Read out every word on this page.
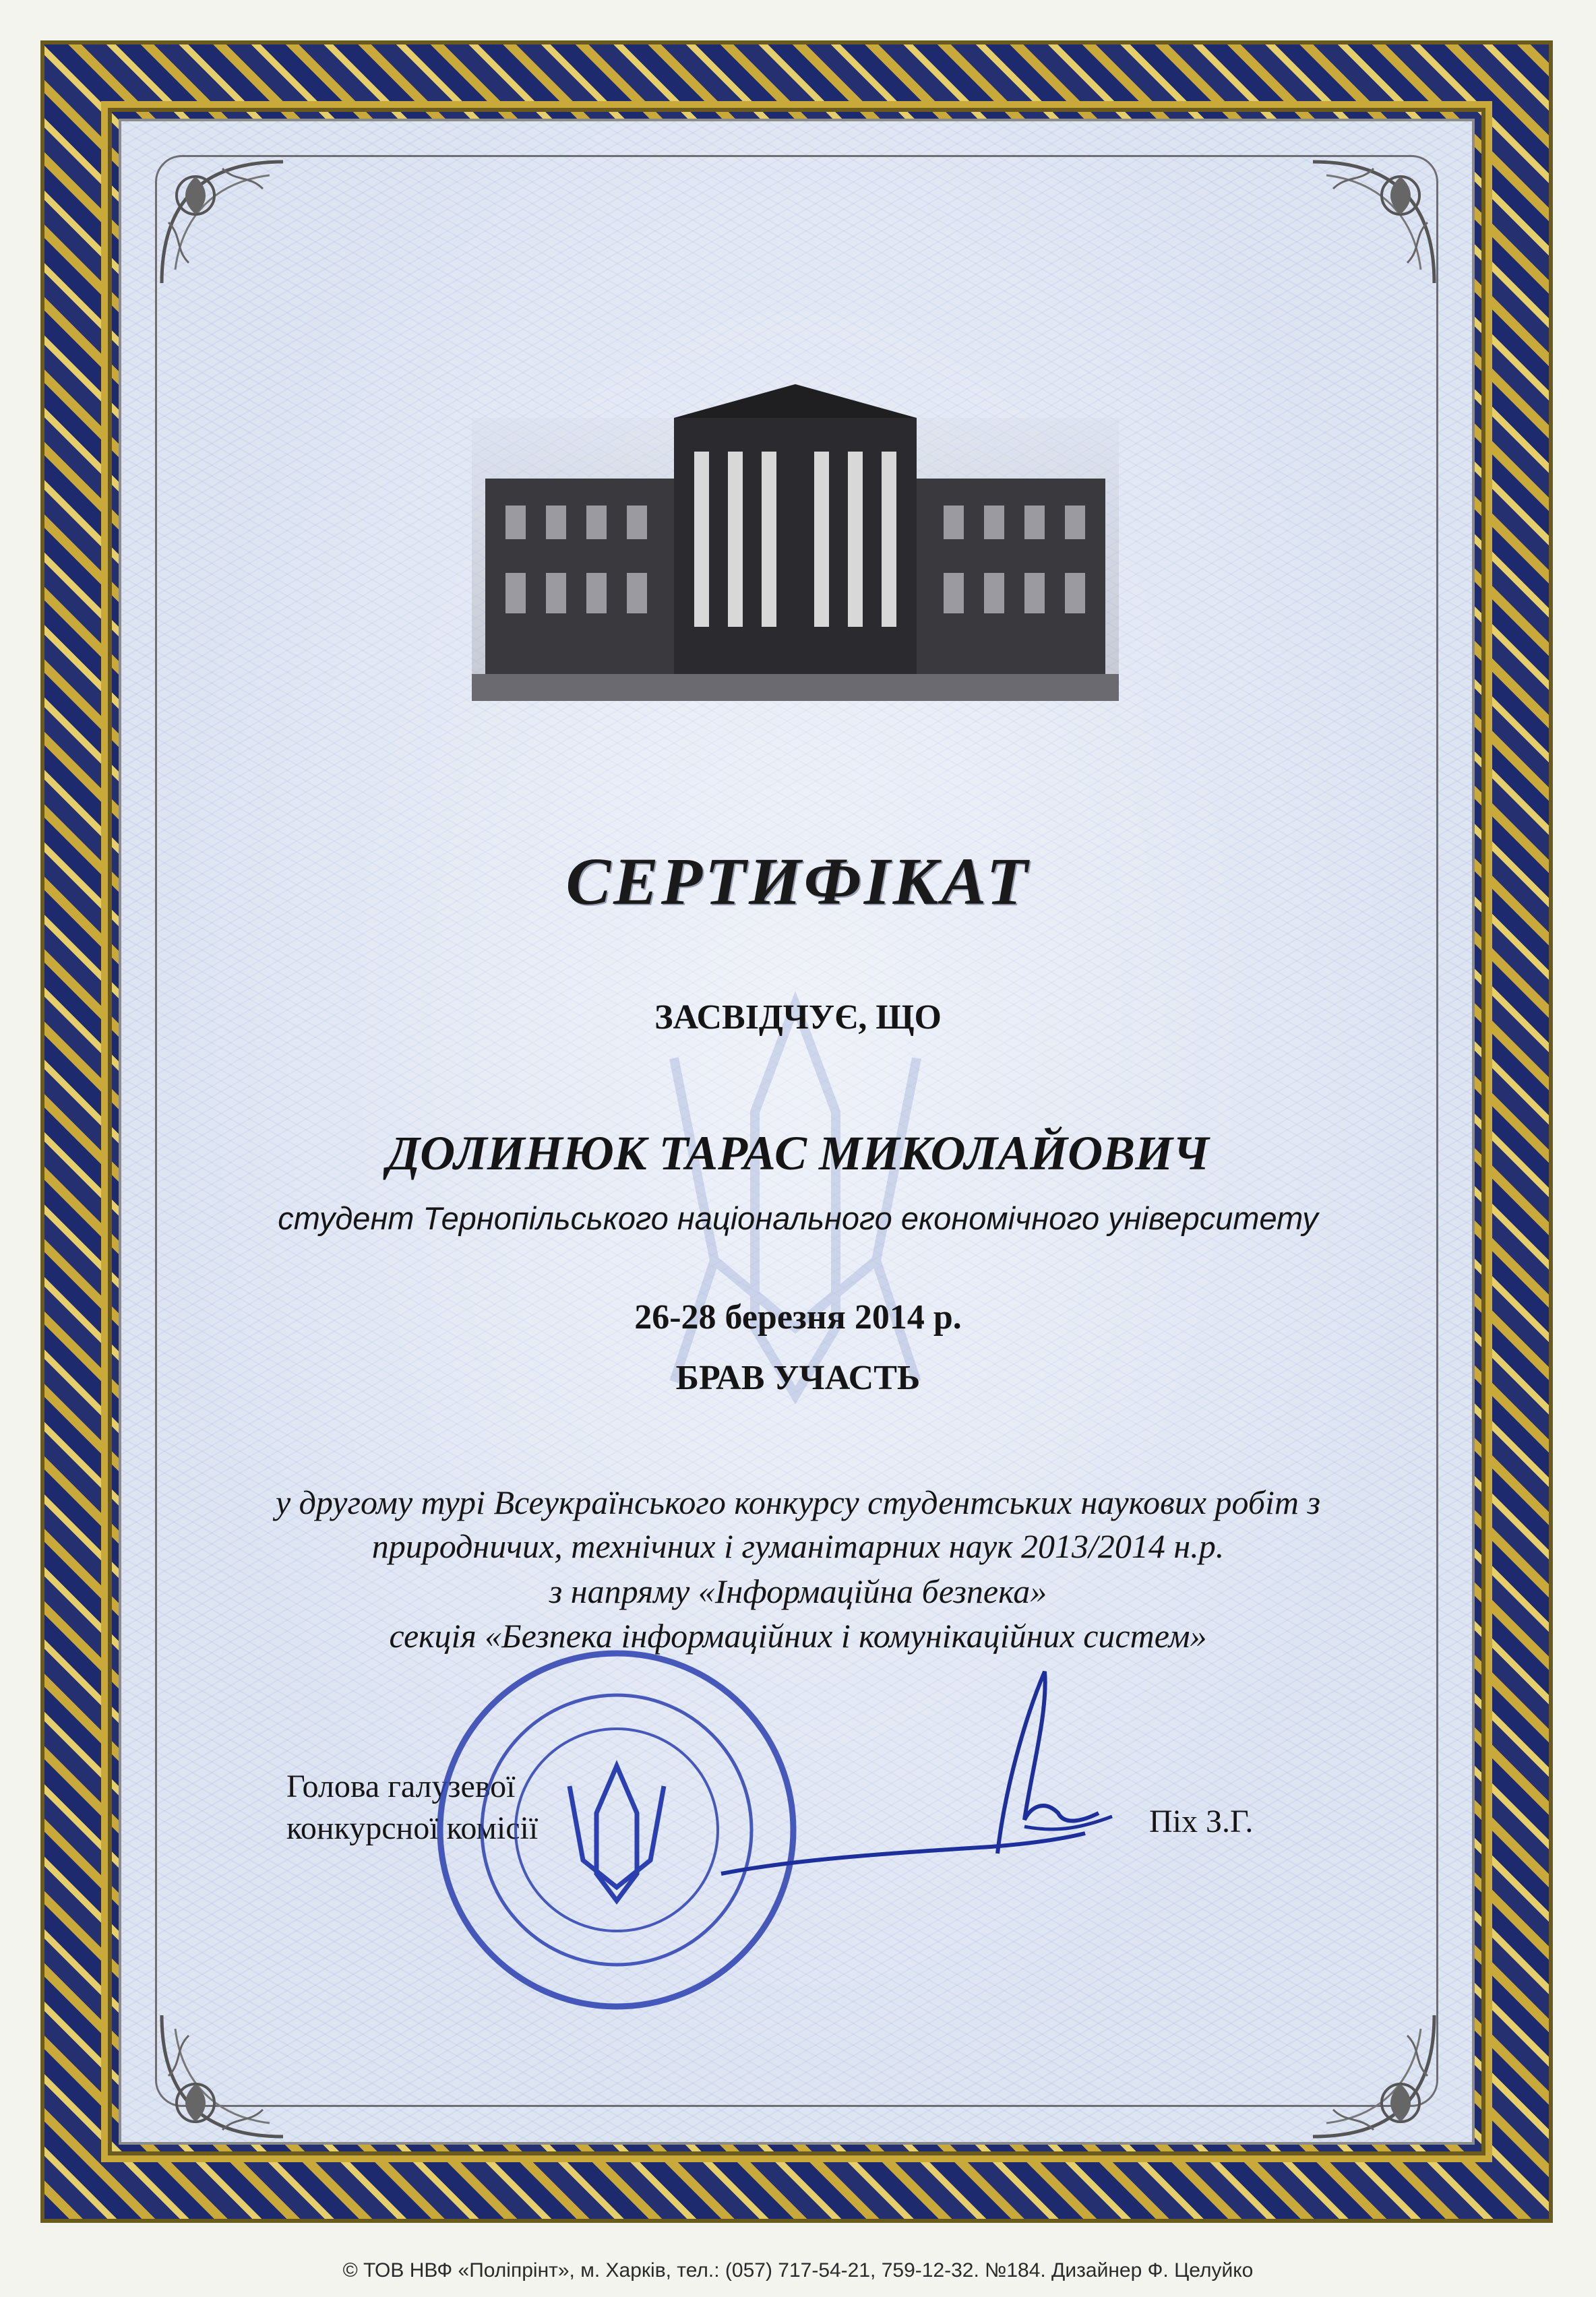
СЕРТИФІКАТ
ЗАСВІДЧУЄ, ЩО
ДОЛИНЮК ТАРАС МИКОЛАЙОВИЧ
студент Тернопільського національного економічного університету
26-28 березня 2014 р.
БРАВ УЧАСТЬ
у другому турі Всеукраїнського конкурсу студентських наукових робіт з
природничих, технічних і гуманітарних наук 2013/2014 н.р.
з напряму «Інформаційна безпека»
секція «Безпека інформаційних і комунікаційних систем»
Голова галузевої
конкурсної комісії	Піх З.Г.
© ТОВ НВФ «Поліпрінт», м. Харків, тел.: (057) 717-54-21, 759-12-32. №184. Дизайнер Ф. Целуйко
